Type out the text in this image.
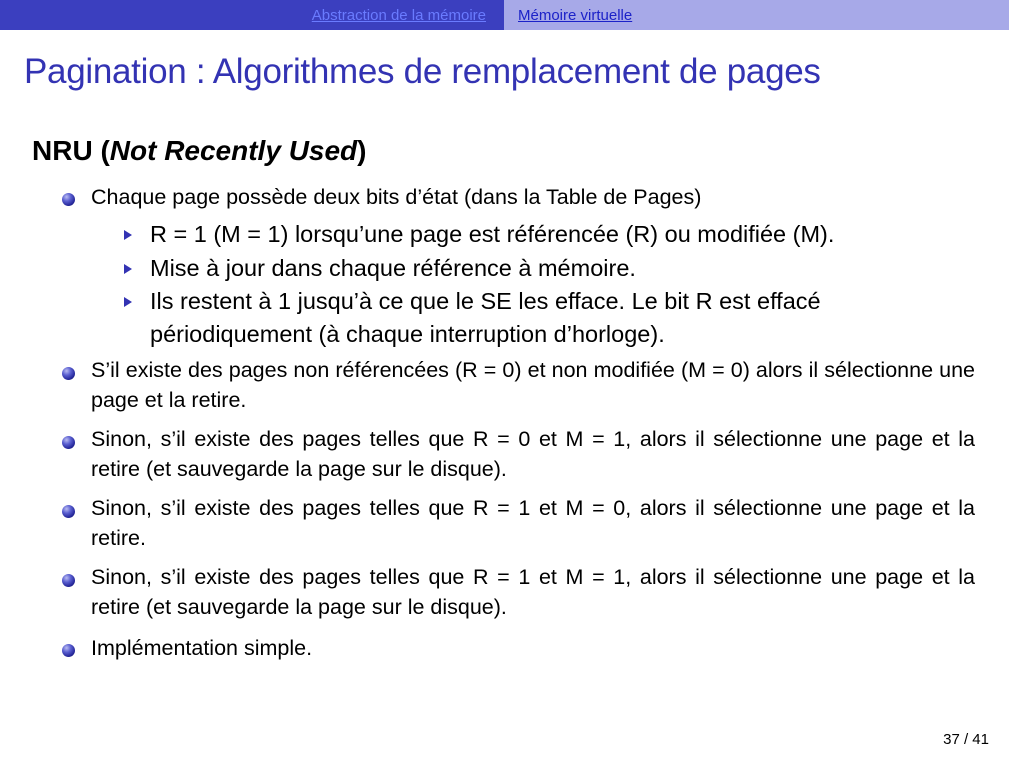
Abstraction de la mémoire Mémoire virtuelle
Pagination : Algorithmes de remplacement de pages
NRU (Not Recently Used)
Chaque page possède deux bits d’état (dans la Table de Pages)
R = 1 (M = 1) lorsqu’une page est référencée (R) ou modifiée (M).
Mise à jour dans chaque référence à mémoire.
Ils restent à 1 jusqu’à ce que le SE les efface. Le bit R est effacé
périodiquement (à chaque interruption d’horloge).
S’il existe des pages non référencées (R = 0) et non modifiée (M = 0) alors il sélectionne une page et la retire.
Sinon, s’il existe des pages telles que R = 0 et M = 1, alors il sélectionne une page et la retire (et sauvegarde la page sur le disque).
Sinon, s’il existe des pages telles que R = 1 et M = 0, alors il sélectionne une page et la retire.
Sinon, s’il existe des pages telles que R = 1 et M = 1, alors il sélectionne une page et la retire (et sauvegarde la page sur le disque).
Implémentation simple.
37 / 41
